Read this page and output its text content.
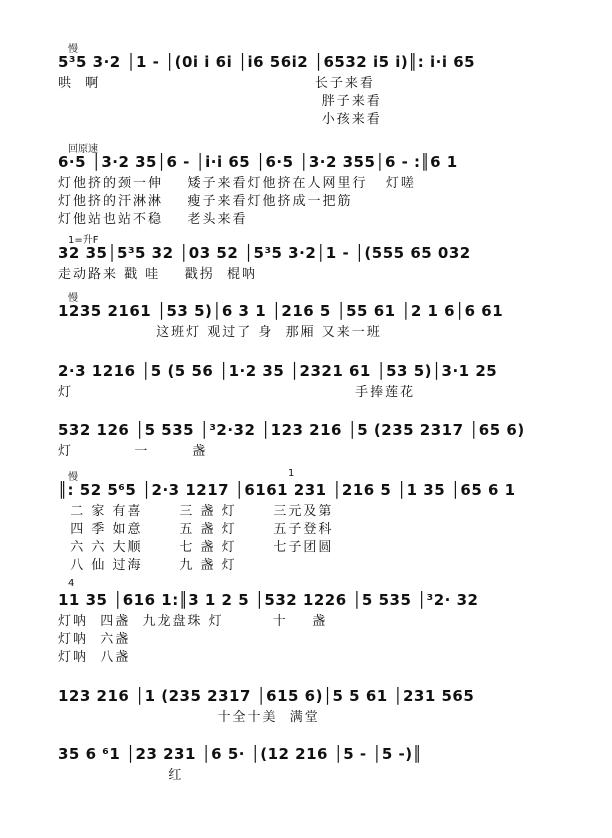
5³5 3·2 │1 - │(0i i 6i │i6 56i2 │6532 i5 i)║: i·i 65
哄  啊                                   长子来看
胖子来看
小孩来看
慢
6·5 │3·2 35│6 - │i·i 65 │6·5 │3·2 355│6 - :║6 1
灯他挤的颈一伸    矮子来看灯他挤在人网里行   灯嗟
灯他挤的汗淋淋    瘦子来看灯他挤成一把筋
灯他站也站不稳    老头来看
回原速
32 35│5³5 32 │03 52 │5³5 3·2│1 - │(555 65 032
走动路来 戳 哇    戳拐  棍呐
1=升F
1235 2161 │53 5)│6 3 1 │216 5 │55 61 │2 1 6│6 61
这班灯 观过了 身  那厢 又来一班
慢
2·3 1216 │5 (5 56 │1·2 35 │2321 61 │53 5)│3·1 25
灯                                              手捧莲花
532 126 │5 535 │³2·32 │123 216 │5 (235 2317 │65 6)
灯          一       盏
║: 52 5⁶5 │2·3 1217 │6161 231 │216 5 │1 35 │65 6 1
二 家 有喜      三 盏 灯      三元及第
四 季 如意      五 盏 灯      五子登科
六 六 大顺      七 盏 灯      七子团圆
八 仙 过海      九 盏 灯
慢	1
11 35 │616 1:║3 1 2 5 │532 1226 │5 535 │³2· 32
灯呐  四盏  九龙盘珠 灯        十    盏
灯呐  六盏
灯呐  八盏
4
123 216 │1 (235 2317 │615 6)│5 5 61 │231 565
十全十美  满堂
35 6 ⁶1 │23 231 │6 5· │(12 216 │5 - │5 -)║
红
